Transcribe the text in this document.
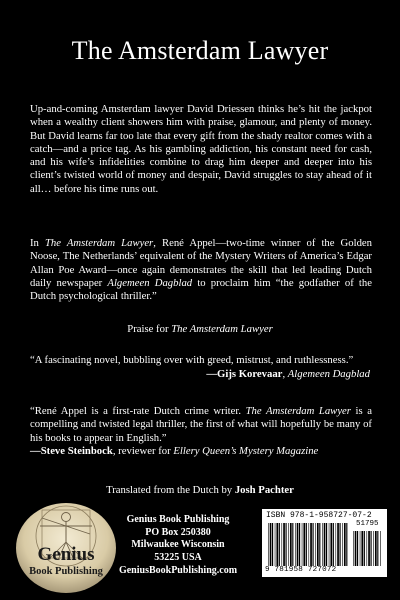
The Amsterdam Lawyer
Up-and-coming Amsterdam lawyer David Driessen thinks he’s hit the jackpot when a wealthy client showers him with praise, glamour, and plenty of money. But David learns far too late that every gift from the shady realtor comes with a catch—and a price tag. As his gambling addiction, his constant need for cash, and his wife’s infidelities combine to drag him deeper and deeper into his client’s twisted world of money and despair, David struggles to stay ahead of it all… before his time runs out.
In The Amsterdam Lawyer, René Appel—two-time winner of the Golden Noose, The Netherlands’ equivalent of the Mystery Writers of America’s Edgar Allan Poe Award—once again demonstrates the skill that led leading Dutch daily newspaper Algemeen Dagblad to proclaim him “the godfather of the Dutch psychological thriller.”
Praise for The Amsterdam Lawyer
“A fascinating novel, bubbling over with greed, mistrust, and ruthlessness.”
—Gijs Korevaar, Algemeen Dagblad
“René Appel is a first-rate Dutch crime writer. The Amsterdam Lawyer is a compelling and twisted legal thriller, the first of what will hopefully be many of his books to appear in English.”
—Steve Steinbock, reviewer for Ellery Queen’s Mystery Magazine
Translated from the Dutch by Josh Pachter
Genius
Book Publishing
Genius Book Publishing
PO Box 250380
Milwaukee Wisconsin
53225 USA
GeniusBookPublishing.com
ISBN 978-1-958727-07-2
51795
9 781958 727072
